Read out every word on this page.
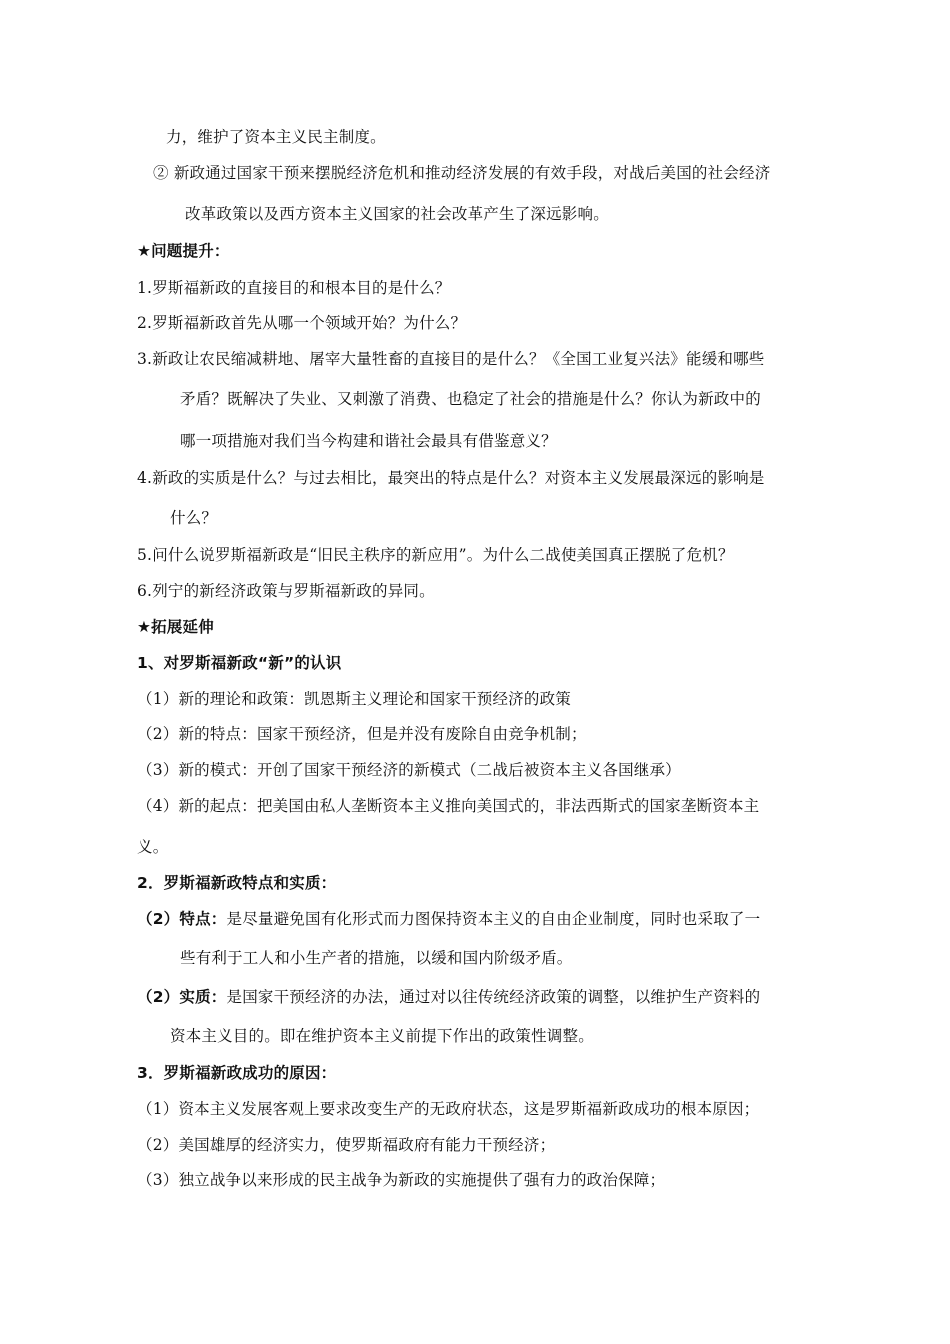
力，维护了资本主义民主制度。
② 新政通过国家干预来摆脱经济危机和推动经济发展的有效手段，对战后美国的社会经济
改革政策以及西方资本主义国家的社会改革产生了深远影响。
★问题提升：
1.罗斯福新政的直接目的和根本目的是什么？
2.罗斯福新政首先从哪一个领域开始？为什么？
3.新政让农民缩减耕地、屠宰大量牲畜的直接目的是什么？《全国工业复兴法》能缓和哪些
矛盾？既解决了失业、又刺激了消费、也稳定了社会的措施是什么？你认为新政中的
哪一项措施对我们当今构建和谐社会最具有借鉴意义？
4.新政的实质是什么？与过去相比，最突出的特点是什么？对资本主义发展最深远的影响是
什么？
5.问什么说罗斯福新政是“旧民主秩序的新应用”。为什么二战使美国真正摆脱了危机？
6.列宁的新经济政策与罗斯福新政的异同。
★拓展延伸
1、对罗斯福新政“新”的认识
（1）新的理论和政策：凯恩斯主义理论和国家干预经济的政策
（2）新的特点：国家干预经济，但是并没有废除自由竞争机制；
（3）新的模式：开创了国家干预经济的新模式（二战后被资本主义各国继承）
（4）新的起点：把美国由私人垄断资本主义推向美国式的，非法西斯式的国家垄断资本主
义。
2．罗斯福新政特点和实质：
（2）特点：是尽量避免国有化形式而力图保持资本主义的自由企业制度，同时也采取了一
些有利于工人和小生产者的措施，以缓和国内阶级矛盾。
（2）实质：是国家干预经济的办法，通过对以往传统经济政策的调整，以维护生产资料的
资本主义目的。即在维护资本主义前提下作出的政策性调整。
3．罗斯福新政成功的原因：
（1）资本主义发展客观上要求改变生产的无政府状态，这是罗斯福新政成功的根本原因；
（2）美国雄厚的经济实力，使罗斯福政府有能力干预经济；
（3）独立战争以来形成的民主战争为新政的实施提供了强有力的政治保障；
